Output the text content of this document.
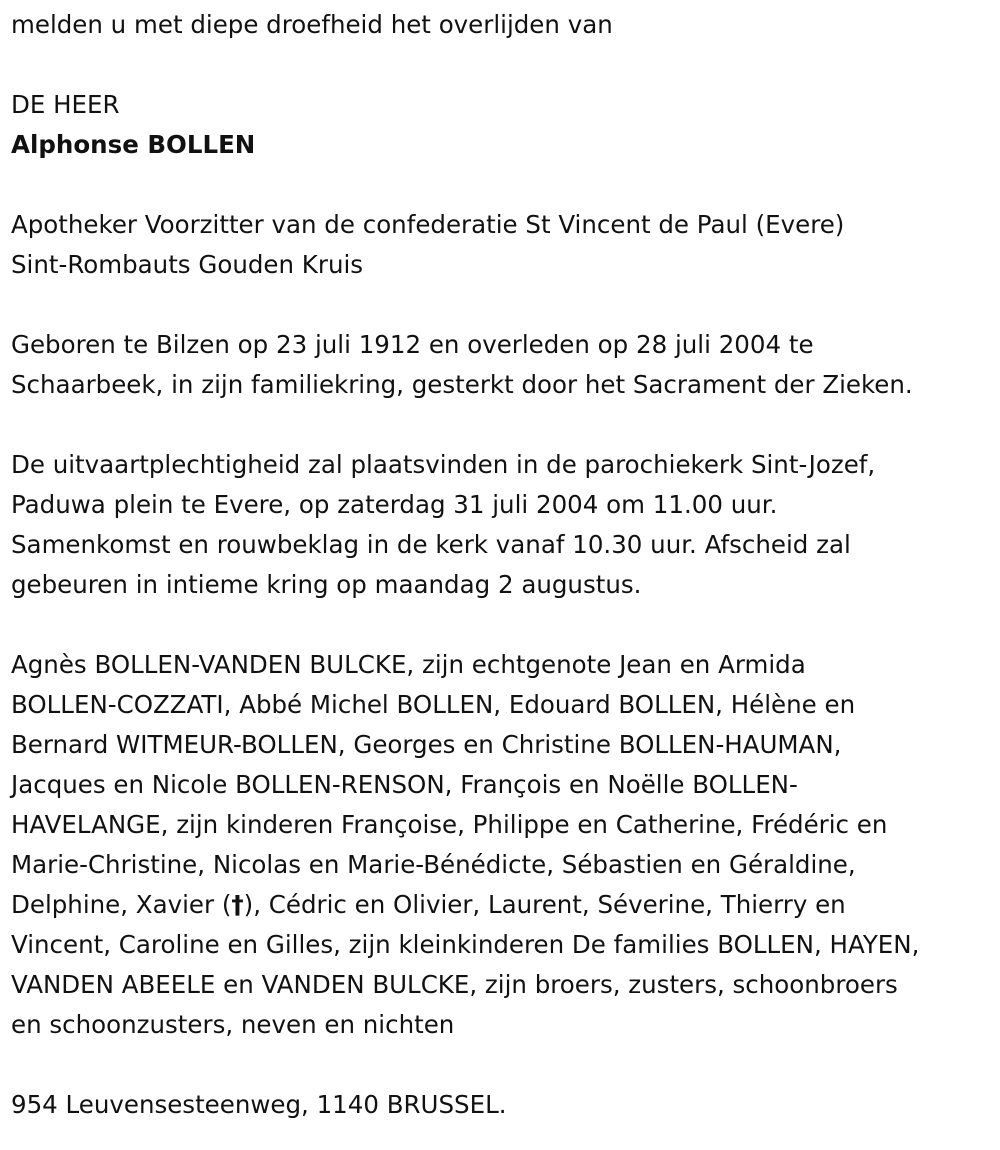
melden u met diepe droefheid het overlijden van
DE HEER
Alphonse BOLLEN
Apotheker Voorzitter van de confederatie St Vincent de Paul (Evere)
Sint-Rombauts Gouden Kruis
Geboren te Bilzen op 23 juli 1912 en overleden op 28 juli 2004 te
Schaarbeek, in zijn familiekring, gesterkt door het Sacrament der Zieken.
De uitvaartplechtigheid zal plaatsvinden in de parochiekerk Sint-Jozef,
Paduwa plein te Evere, op zaterdag 31 juli 2004 om 11.00 uur.
Samenkomst en rouwbeklag in de kerk vanaf 10.30 uur. Afscheid zal
gebeuren in intieme kring op maandag 2 augustus.
Agnès BOLLEN-VANDEN BULCKE, zijn echtgenote Jean en Armida
BOLLEN-COZZATI, Abbé Michel BOLLEN, Edouard BOLLEN, Hélène en
Bernard WITMEUR-BOLLEN, Georges en Christine BOLLEN-HAUMAN,
Jacques en Nicole BOLLEN-RENSON, François en Noëlle BOLLEN-
HAVELANGE, zijn kinderen Françoise, Philippe en Catherine, Frédéric en
Marie-Christine, Nicolas en Marie-Bénédicte, Sébastien en Géraldine,
Delphine, Xavier (†), Cédric en Olivier, Laurent, Séverine, Thierry en
Vincent, Caroline en Gilles, zijn kleinkinderen De families BOLLEN, HAYEN,
VANDEN ABEELE en VANDEN BULCKE, zijn broers, zusters, schoonbroers
en schoonzusters, neven en nichten
954 Leuvensesteenweg, 1140 BRUSSEL.
